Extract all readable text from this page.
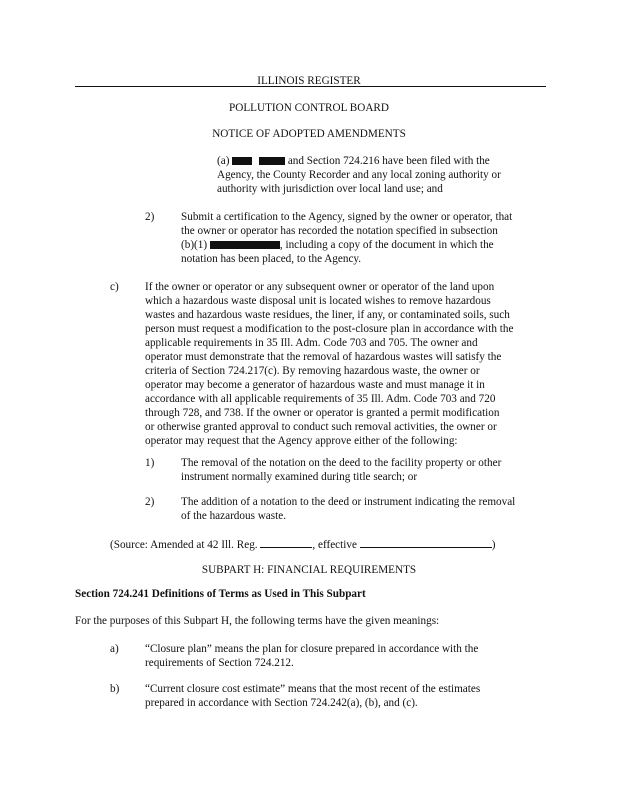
ILLINOIS REGISTER
POLLUTION CONTROL BOARD
NOTICE OF ADOPTED AMENDMENTS
(a)	and Section 724.216 have been filed with the
Agency, the County Recorder and any local zoning authority or
authority with jurisdiction over local land use; and
2) Submit a certification to the Agency, signed by the owner or operator, that
the owner or operator has recorded the notation specified in subsection
(b)(1)	, including a copy of the document in which the
notation has been placed, to the Agency.
c) If the owner or operator or any subsequent owner or operator of the land upon
which a hazardous waste disposal unit is located wishes to remove hazardous
wastes and hazardous waste residues, the liner, if any, or contaminated soils, such
person must request a modification to the post-closure plan in accordance with the
applicable requirements in 35 Ill. Adm. Code 703 and 705. The owner and
operator must demonstrate that the removal of hazardous wastes will satisfy the
criteria of Section 724.217(c). By removing hazardous waste, the owner or
operator may become a generator of hazardous waste and must manage it in
accordance with all applicable requirements of 35 Ill. Adm. Code 703 and 720
through 728, and 738. If the owner or operator is granted a permit modification
or otherwise granted approval to conduct such removal activities, the owner or
operator may request that the Agency approve either of the following:
1) The removal of the notation on the deed to the facility property or other
instrument normally examined during title search; or
2) The addition of a notation to the deed or instrument indicating the removal
of the hazardous waste.
(Source: Amended at 42 Ill. Reg.	, effective	)
SUBPART H: FINANCIAL REQUIREMENTS
Section 724.241 Definitions of Terms as Used in This Subpart
For the purposes of this Subpart H, the following terms have the given meanings:
a) “Closure plan” means the plan for closure prepared in accordance with the
requirements of Section 724.212.
b) “Current closure cost estimate” means that the most recent of the estimates
prepared in accordance with Section 724.242(a), (b), and (c).
